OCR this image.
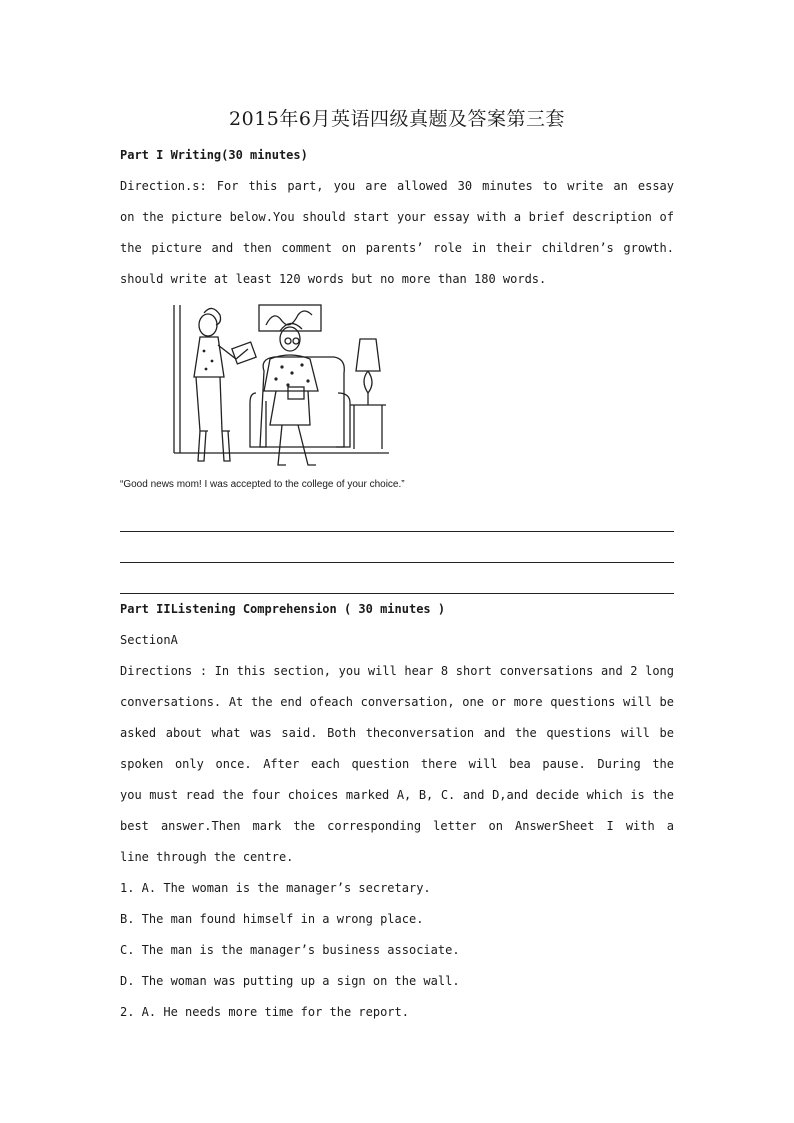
2015年6月英语四级真题及答案第三套
Part I Writing(30 minutes)
Direction.s: For this part, you are allowed 30 minutes to write an essay
on the picture below.You should start your essay with a brief description of
the picture and then comment on parents’ role in their children’s growth.
should write at least 120 words but no more than 180 words.
“Good news mom! I was accepted to the college of your choice.”
Part IIListening Comprehension ( 30 minutes )
SectionA
Directions : In this section, you will hear 8 short conversations and 2 long
conversations. At the end ofeach conversation, one or more questions will be
asked about what was said. Both theconversation and the questions will be
spoken only once. After each question there will bea pause. During the
you must read the four choices marked A, B, C. and D,and decide which is the
best answer.Then mark the corresponding letter on AnswerSheet I with a
line through the centre.
1. A. The woman is the manager’s secretary.
B. The man found himself in a wrong place.
C. The man is the manager’s business associate.
D. The woman was putting up a sign on the wall.
2. A. He needs more time for the report.
